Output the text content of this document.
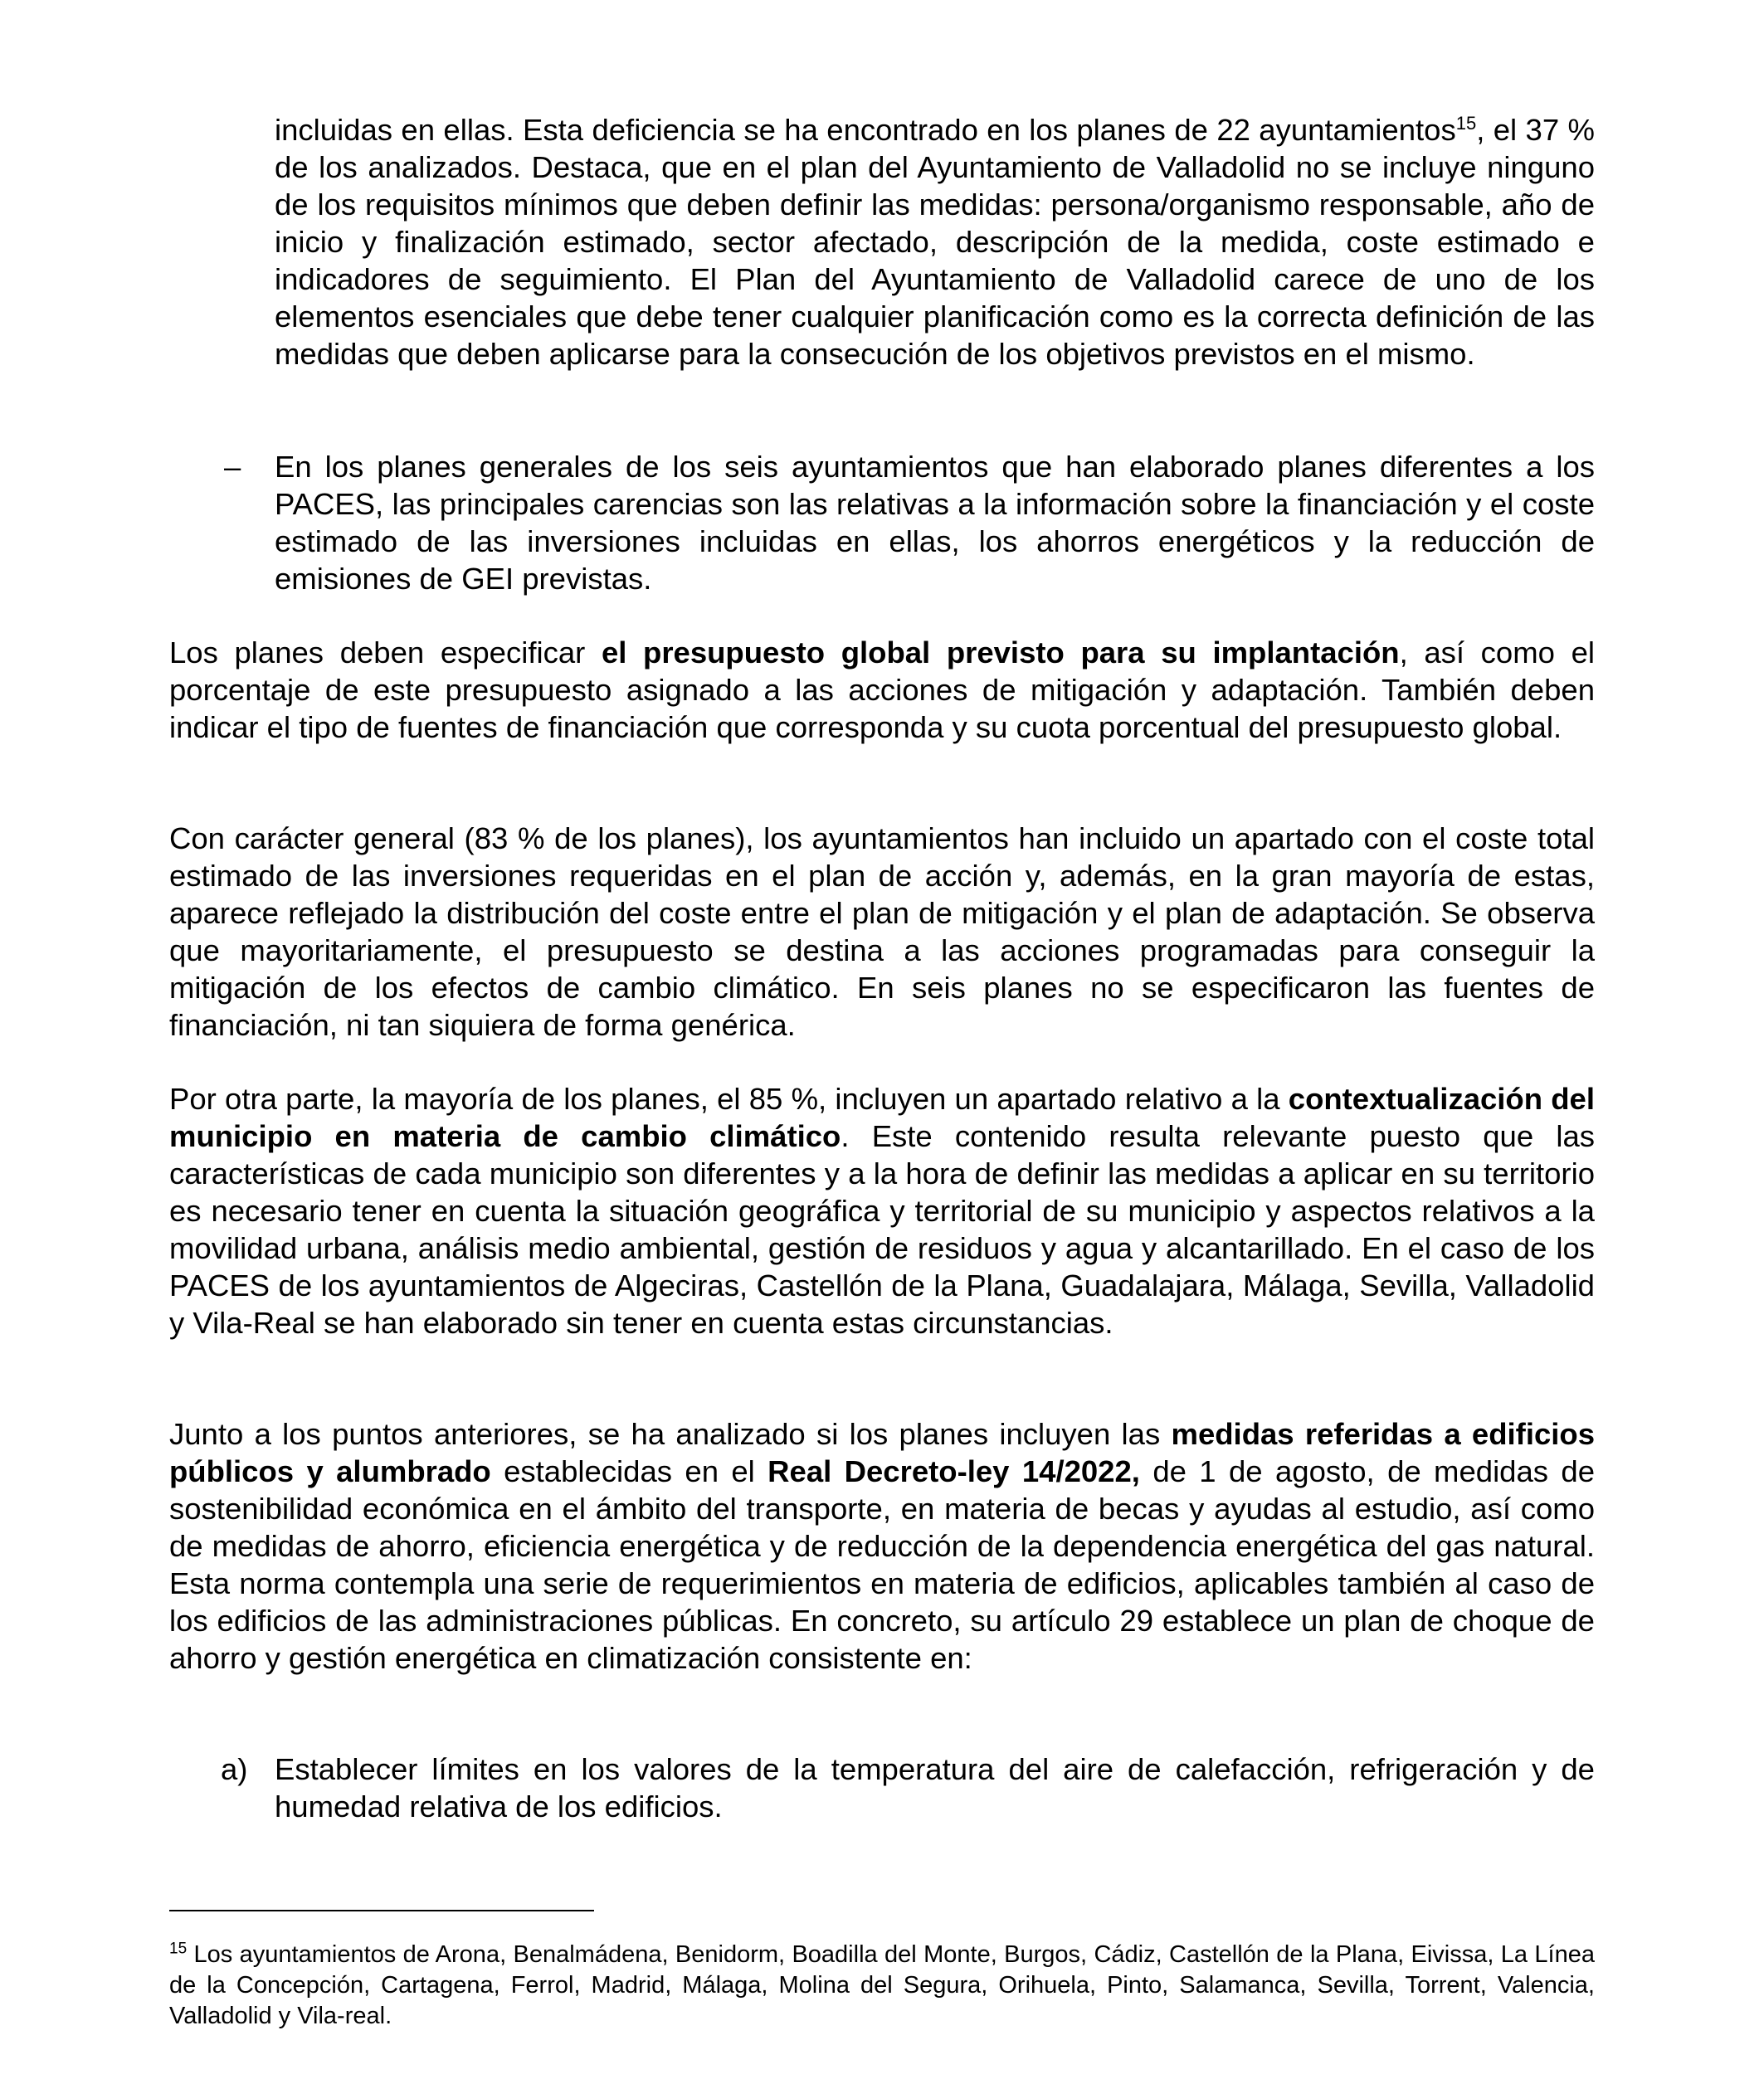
incluidas en ellas. Esta deficiencia se ha encontrado en los planes de 22 ayuntamientos$^{15}$, el 37 % de los analizados. Destaca, que en el plan del Ayuntamiento de Valladolid no se incluye ninguno de los requisitos mínimos que deben definir las medidas: persona/organismo responsable, año de inicio y finalización estimado, sector afectado, descripción de la medida, coste estimado e indicadores de seguimiento. El Plan del Ayuntamiento de Valladolid carece de uno de los elementos esenciales que debe tener cualquier planificación como es la correcta definición de las medidas que deben aplicarse para la consecución de los objetivos previstos en el mismo.

– En los planes generales de los seis ayuntamientos que han elaborado planes diferentes a los PACES, las principales carencias son las relativas a la información sobre la financiación y el coste estimado de las inversiones incluidas en ellas, los ahorros energéticos y la reducción de emisiones de GEI previstas.

Los planes deben especificar el presupuesto global previsto para su implantación, así como el porcentaje de este presupuesto asignado a las acciones de mitigación y adaptación. También deben indicar el tipo de fuentes de financiación que corresponda y su cuota porcentual del presupuesto global.

Con carácter general (83 % de los planes), los ayuntamientos han incluido un apartado con el coste total estimado de las inversiones requeridas en el plan de acción y, además, en la gran mayoría de estas, aparece reflejado la distribución del coste entre el plan de mitigación y el plan de adaptación. Se observa que mayoritariamente, el presupuesto se destina a las acciones programadas para conseguir la mitigación de los efectos de cambio climático. En seis planes no se especificaron las fuentes de financiación, ni tan siquiera de forma genérica.

Por otra parte, la mayoría de los planes, el 85 %, incluyen un apartado relativo a la contextualización del municipio en materia de cambio climático. Este contenido resulta relevante puesto que las características de cada municipio son diferentes y a la hora de definir las medidas a aplicar en su territorio es necesario tener en cuenta la situación geográfica y territorial de su municipio y aspectos relativos a la movilidad urbana, análisis medio ambiental, gestión de residuos y agua y alcantarillado. En el caso de los PACES de los ayuntamientos de Algeciras, Castellón de la Plana, Guadalajara, Málaga, Sevilla, Valladolid y Vila-Real se han elaborado sin tener en cuenta estas circunstancias.

Junto a los puntos anteriores, se ha analizado si los planes incluyen las medidas referidas a edificios públicos y alumbrado establecidas en el Real Decreto-ley 14/2022, de 1 de agosto, de medidas de sostenibilidad económica en el ámbito del transporte, en materia de becas y ayudas al estudio, así como de medidas de ahorro, eficiencia energética y de reducción de la dependencia energética del gas natural. Esta norma contempla una serie de requerimientos en materia de edificios, aplicables también al caso de los edificios de las administraciones públicas. En concreto, su artículo 29 establece un plan de choque de ahorro y gestión energética en climatización consistente en:

a) Establecer límites en los valores de la temperatura del aire de calefacción, refrigeración y de humedad relativa de los edificios.

$^{15}$ Los ayuntamientos de Arona, Benalmádena, Benidorm, Boadilla del Monte, Burgos, Cádiz, Castellón de la Plana, Eivissa, La Línea de la Concepción, Cartagena, Ferrol, Madrid, Málaga, Molina del Segura, Orihuela, Pinto, Salamanca, Sevilla, Torrent, Valencia, Valladolid y Vila-real.
